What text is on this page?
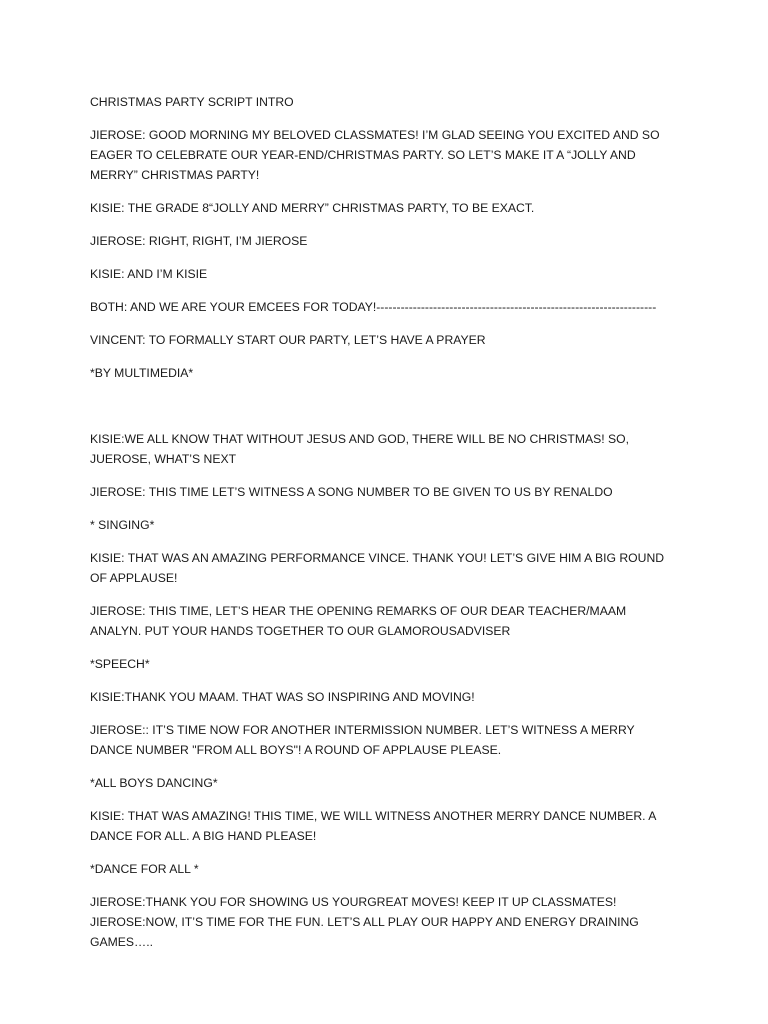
CHRISTMAS PARTY SCRIPT INTRO

JIEROSE: GOOD MORNING MY BELOVED CLASSMATES! I’M GLAD SEEING YOU EXCITED AND SO EAGER TO CELEBRATE OUR YEAR-END/CHRISTMAS PARTY. SO LET’S MAKE IT A “JOLLY AND MERRY” CHRISTMAS PARTY!

KISIE: THE GRADE 8“JOLLY AND MERRY” CHRISTMAS PARTY, TO BE EXACT.

JIEROSE: RIGHT, RIGHT, I’M JIEROSE

KISIE: AND I’M KISIE

BOTH: AND WE ARE YOUR EMCEES FOR TODAY!---------------------------------------------------------------------

VINCENT: TO FORMALLY START OUR PARTY, LET’S HAVE A PRAYER

*BY MULTIMEDIA*

KISIE:WE ALL KNOW THAT WITHOUT JESUS AND GOD, THERE WILL BE NO CHRISTMAS! SO, JUEROSE, WHAT’S NEXT

JIEROSE: THIS TIME LET’S WITNESS A SONG NUMBER TO BE GIVEN TO US BY RENALDO

* SINGING*

KISIE: THAT WAS AN AMAZING PERFORMANCE VINCE. THANK YOU! LET’S GIVE HIM A BIG ROUND OF APPLAUSE!

JIEROSE: THIS TIME, LET’S HEAR THE OPENING REMARKS OF OUR DEAR TEACHER/MAAM ANALYN. PUT YOUR HANDS TOGETHER TO OUR GLAMOROUSADVISER

*SPEECH*

KISIE:THANK YOU MAAM. THAT WAS SO INSPIRING AND MOVING!

JIEROSE:: IT’S TIME NOW FOR ANOTHER INTERMISSION NUMBER. LET’S WITNESS A MERRY DANCE NUMBER "FROM ALL BOYS"! A ROUND OF APPLAUSE PLEASE.

*ALL BOYS DANCING*

KISIE: THAT WAS AMAZING! THIS TIME, WE WILL WITNESS ANOTHER MERRY DANCE NUMBER. A DANCE FOR ALL. A BIG HAND PLEASE!

*DANCE FOR ALL *

JIEROSE:THANK YOU FOR SHOWING US YOURGREAT MOVES! KEEP IT UP CLASSMATES!

JIEROSE:NOW, IT’S TIME FOR THE FUN. LET’S ALL PLAY OUR HAPPY AND ENERGY DRAINING GAMES…..
